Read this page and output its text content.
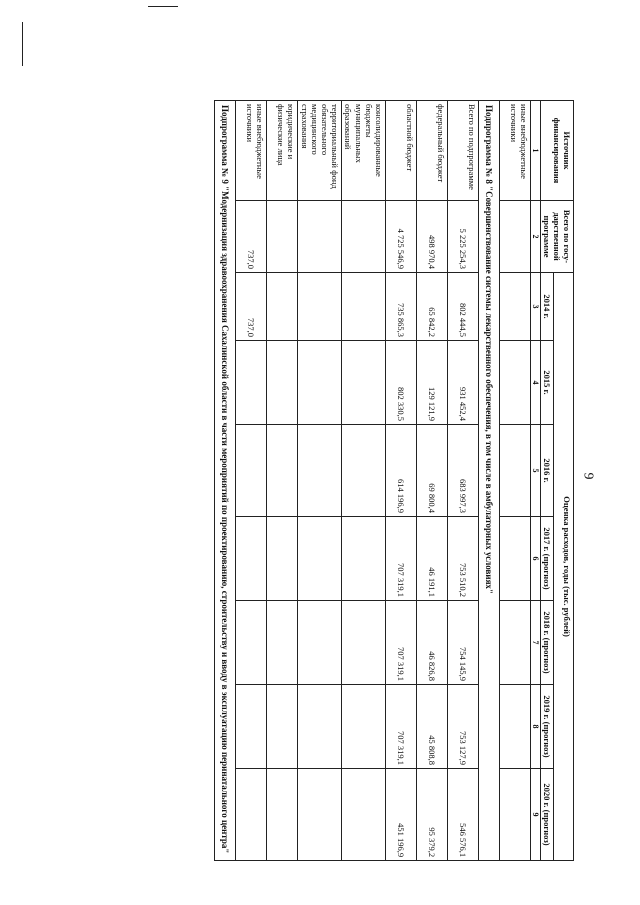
9
Источник финансирования	Всего по госу-дарственной программе	Оценка расходов, годы (тыс. рублей)						
		2014 г.	2015 г.	2016 г.	2017 г. (прогноз)	2018 г. (прогноз)	2019 г. (прогноз)	2020 г. (прогноз)
1	2	3	4	5	6	7	8	9
иные внебюджетные источники								
Подпрограмма № 8 "Совершенствование системы лекарственного обеспечения, в том числе в амбулаторных условиях"								
Всего по подпрограмме	5 225 254,3	802 444,5	931 452,4	683 997,3	753 510,2	754 145,9	753 127,9	546 576,1
федеральный бюджет	498 970,4	65 842,2	129 121,9	69 800,4	46 191,1	46 826,8	45 808,8	95 379,2
областной бюджет	4 725 546,9	735 865,3	802 330,5	614 196,9	707 319,1	707 319,1	707 319,1	451 196,9
консолидированные бюджеты муниципальных образований								
территориальный фонд обязательного медицинского страхования								
юридические и физические лица								
иные внебюджетные источники	737,0	737,0						
Подпрограмма № 9 "Модернизация здравоохранения Сахалинской области в части мероприятий по проектированию, строительству и вводу в эксплуатацию перинатального центра"								
